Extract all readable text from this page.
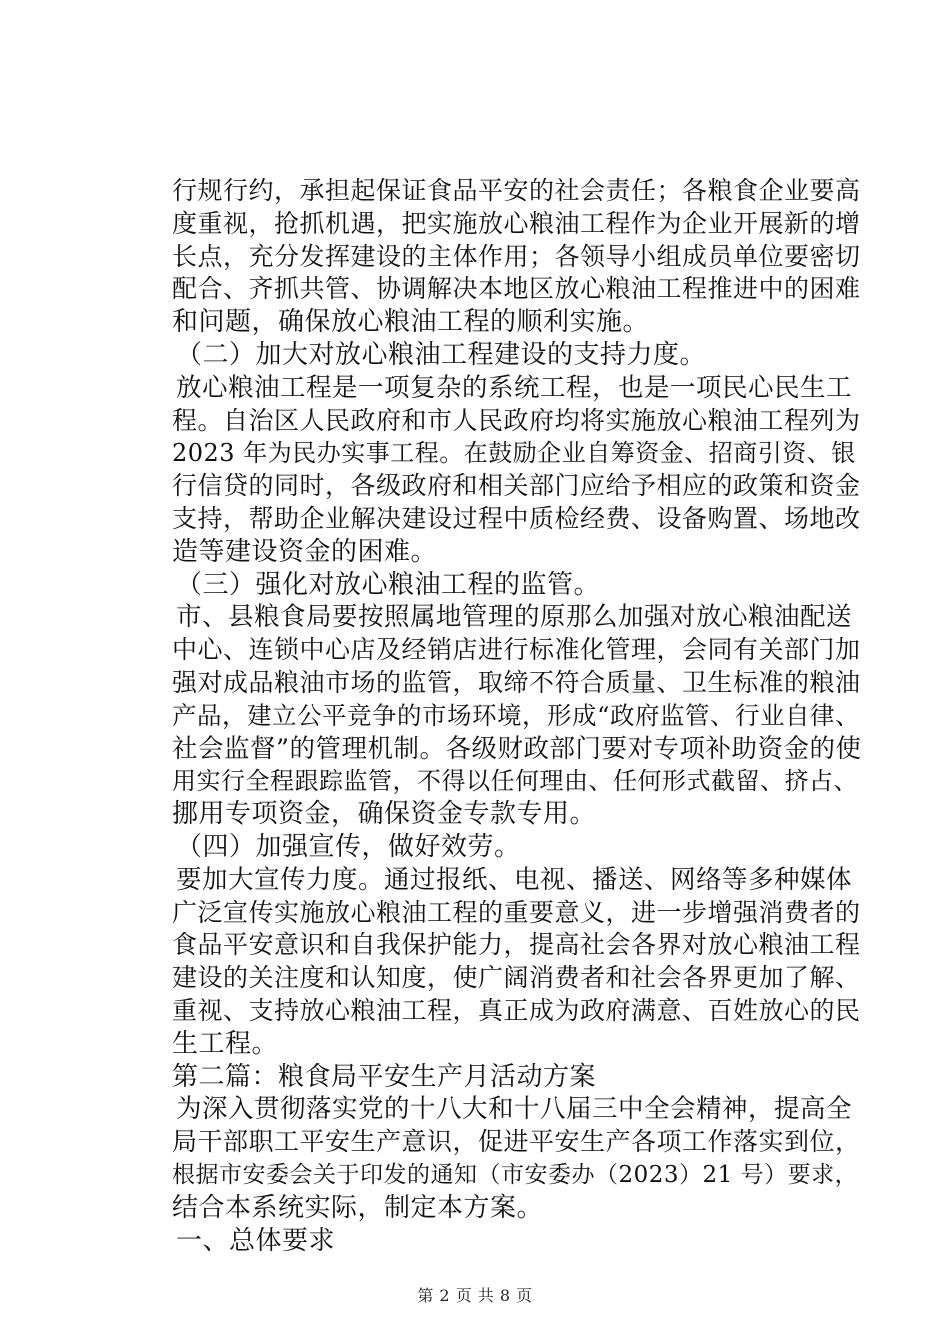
行规行约，承担起保证食品平安的社会责任；各粮食企业要高
度重视，抢抓机遇，把实施放心粮油工程作为企业开展新的增
长点，充分发挥建设的主体作用；各领导小组成员单位要密切
配合、齐抓共管、协调解决本地区放心粮油工程推进中的困难
和问题，确保放心粮油工程的顺利实施。
（二）加大对放心粮油工程建设的支持力度。
放心粮油工程是一项复杂的系统工程，也是一项民心民生工
程。自治区人民政府和市人民政府均将实施放心粮油工程列为
2023 年为民办实事工程。在鼓励企业自筹资金、招商引资、银
行信贷的同时，各级政府和相关部门应给予相应的政策和资金
支持，帮助企业解决建设过程中质检经费、设备购置、场地改
造等建设资金的困难。
（三）强化对放心粮油工程的监管。
市、县粮食局要按照属地管理的原那么加强对放心粮油配送
中心、连锁中心店及经销店进行标准化管理，会同有关部门加
强对成品粮油市场的监管，取缔不符合质量、卫生标准的粮油
产品，建立公平竞争的市场环境，形成“政府监管、行业自律、
社会监督”的管理机制。各级财政部门要对专项补助资金的使
用实行全程跟踪监管，不得以任何理由、任何形式截留、挤占、
挪用专项资金，确保资金专款专用。
（四）加强宣传，做好效劳。
要加大宣传力度。通过报纸、电视、播送、网络等多种媒体
广泛宣传实施放心粮油工程的重要意义，进一步增强消费者的
食品平安意识和自我保护能力，提高社会各界对放心粮油工程
建设的关注度和认知度，使广阔消费者和社会各界更加了解、
重视、支持放心粮油工程，真正成为政府满意、百姓放心的民
生工程。
第二篇：粮食局平安生产月活动方案
为深入贯彻落实党的十八大和十八届三中全会精神，提高全
局干部职工平安生产意识，促进平安生产各项工作落实到位，
根据市安委会关于印发的通知（市安委办（2023）21 号）要求，
结合本系统实际，制定本方案。
一、总体要求
第 2 页 共 8 页
